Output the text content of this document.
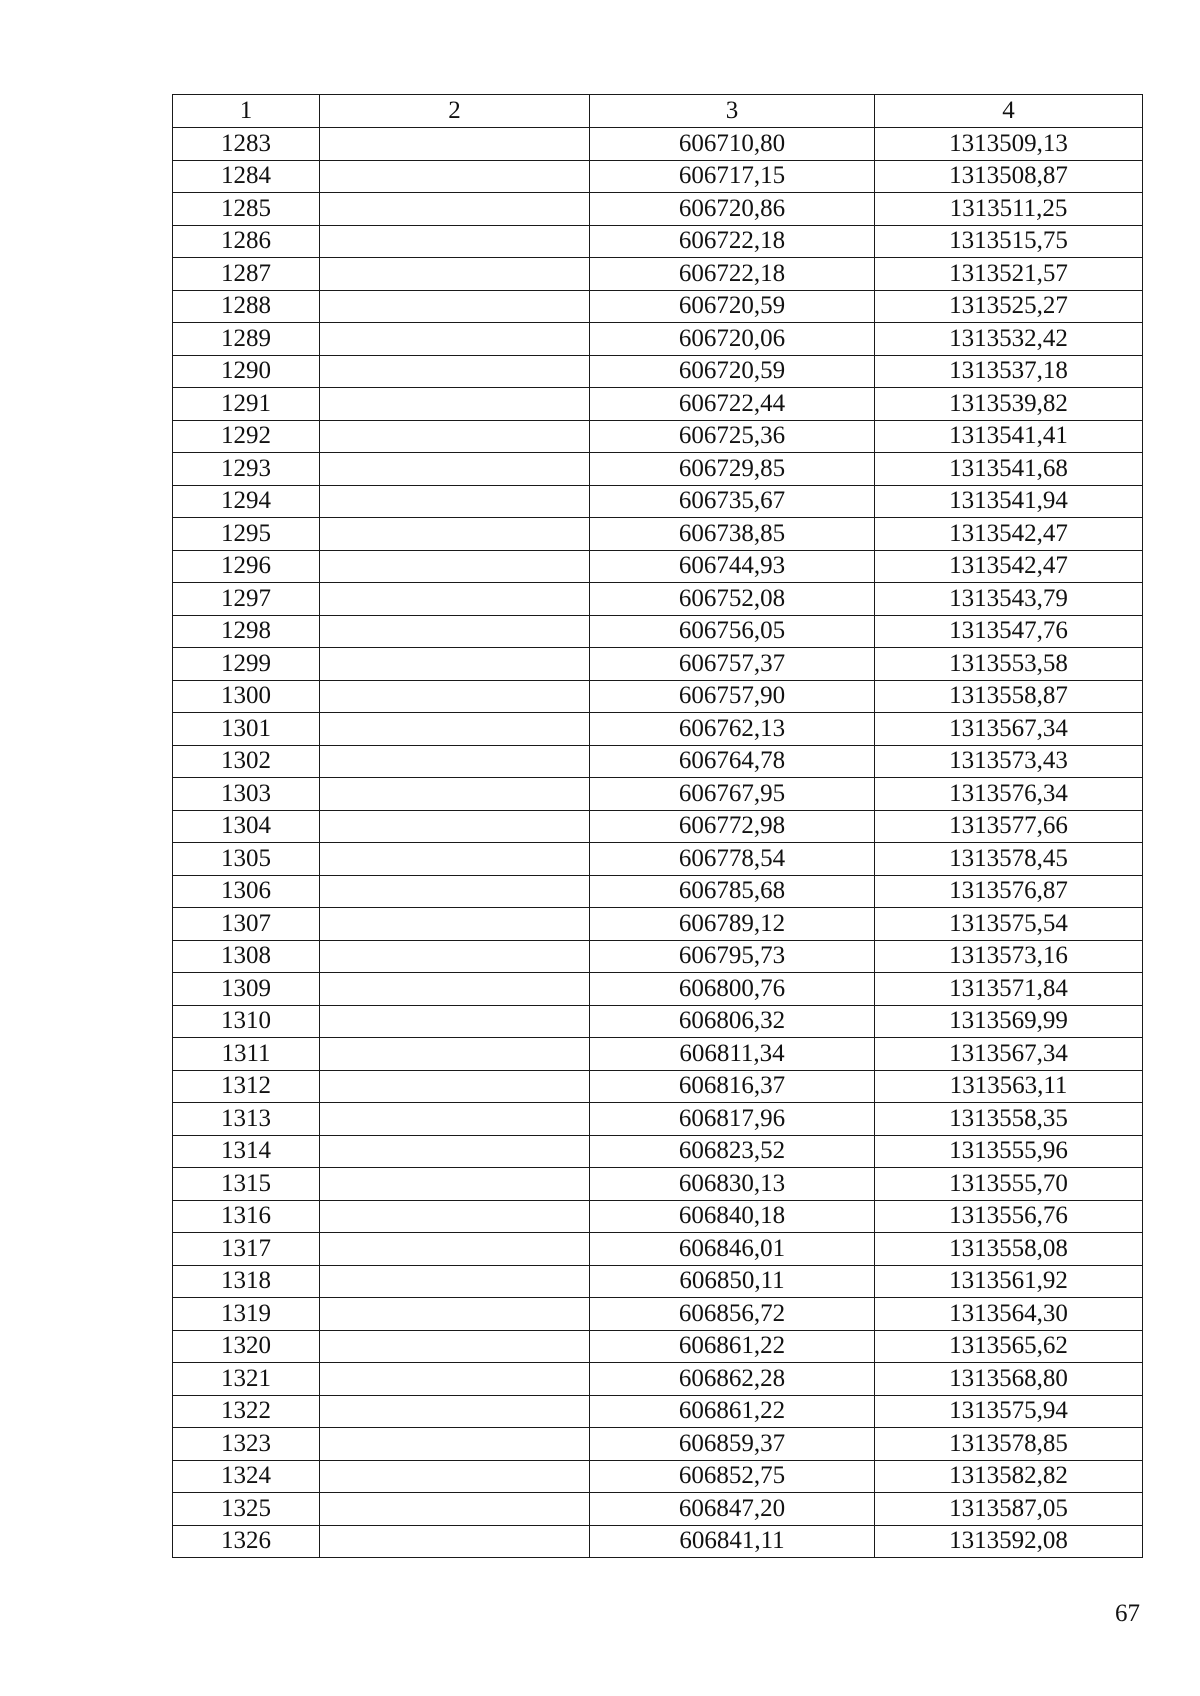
1	2	3	4
1283		606710,80	1313509,13
1284		606717,15	1313508,87
1285		606720,86	1313511,25
1286		606722,18	1313515,75
1287		606722,18	1313521,57
1288		606720,59	1313525,27
1289		606720,06	1313532,42
1290		606720,59	1313537,18
1291		606722,44	1313539,82
1292		606725,36	1313541,41
1293		606729,85	1313541,68
1294		606735,67	1313541,94
1295		606738,85	1313542,47
1296		606744,93	1313542,47
1297		606752,08	1313543,79
1298		606756,05	1313547,76
1299		606757,37	1313553,58
1300		606757,90	1313558,87
1301		606762,13	1313567,34
1302		606764,78	1313573,43
1303		606767,95	1313576,34
1304		606772,98	1313577,66
1305		606778,54	1313578,45
1306		606785,68	1313576,87
1307		606789,12	1313575,54
1308		606795,73	1313573,16
1309		606800,76	1313571,84
1310		606806,32	1313569,99
1311		606811,34	1313567,34
1312		606816,37	1313563,11
1313		606817,96	1313558,35
1314		606823,52	1313555,96
1315		606830,13	1313555,70
1316		606840,18	1313556,76
1317		606846,01	1313558,08
1318		606850,11	1313561,92
1319		606856,72	1313564,30
1320		606861,22	1313565,62
1321		606862,28	1313568,80
1322		606861,22	1313575,94
1323		606859,37	1313578,85
1324		606852,75	1313582,82
1325		606847,20	1313587,05
1326		606841,11	1313592,08
67
